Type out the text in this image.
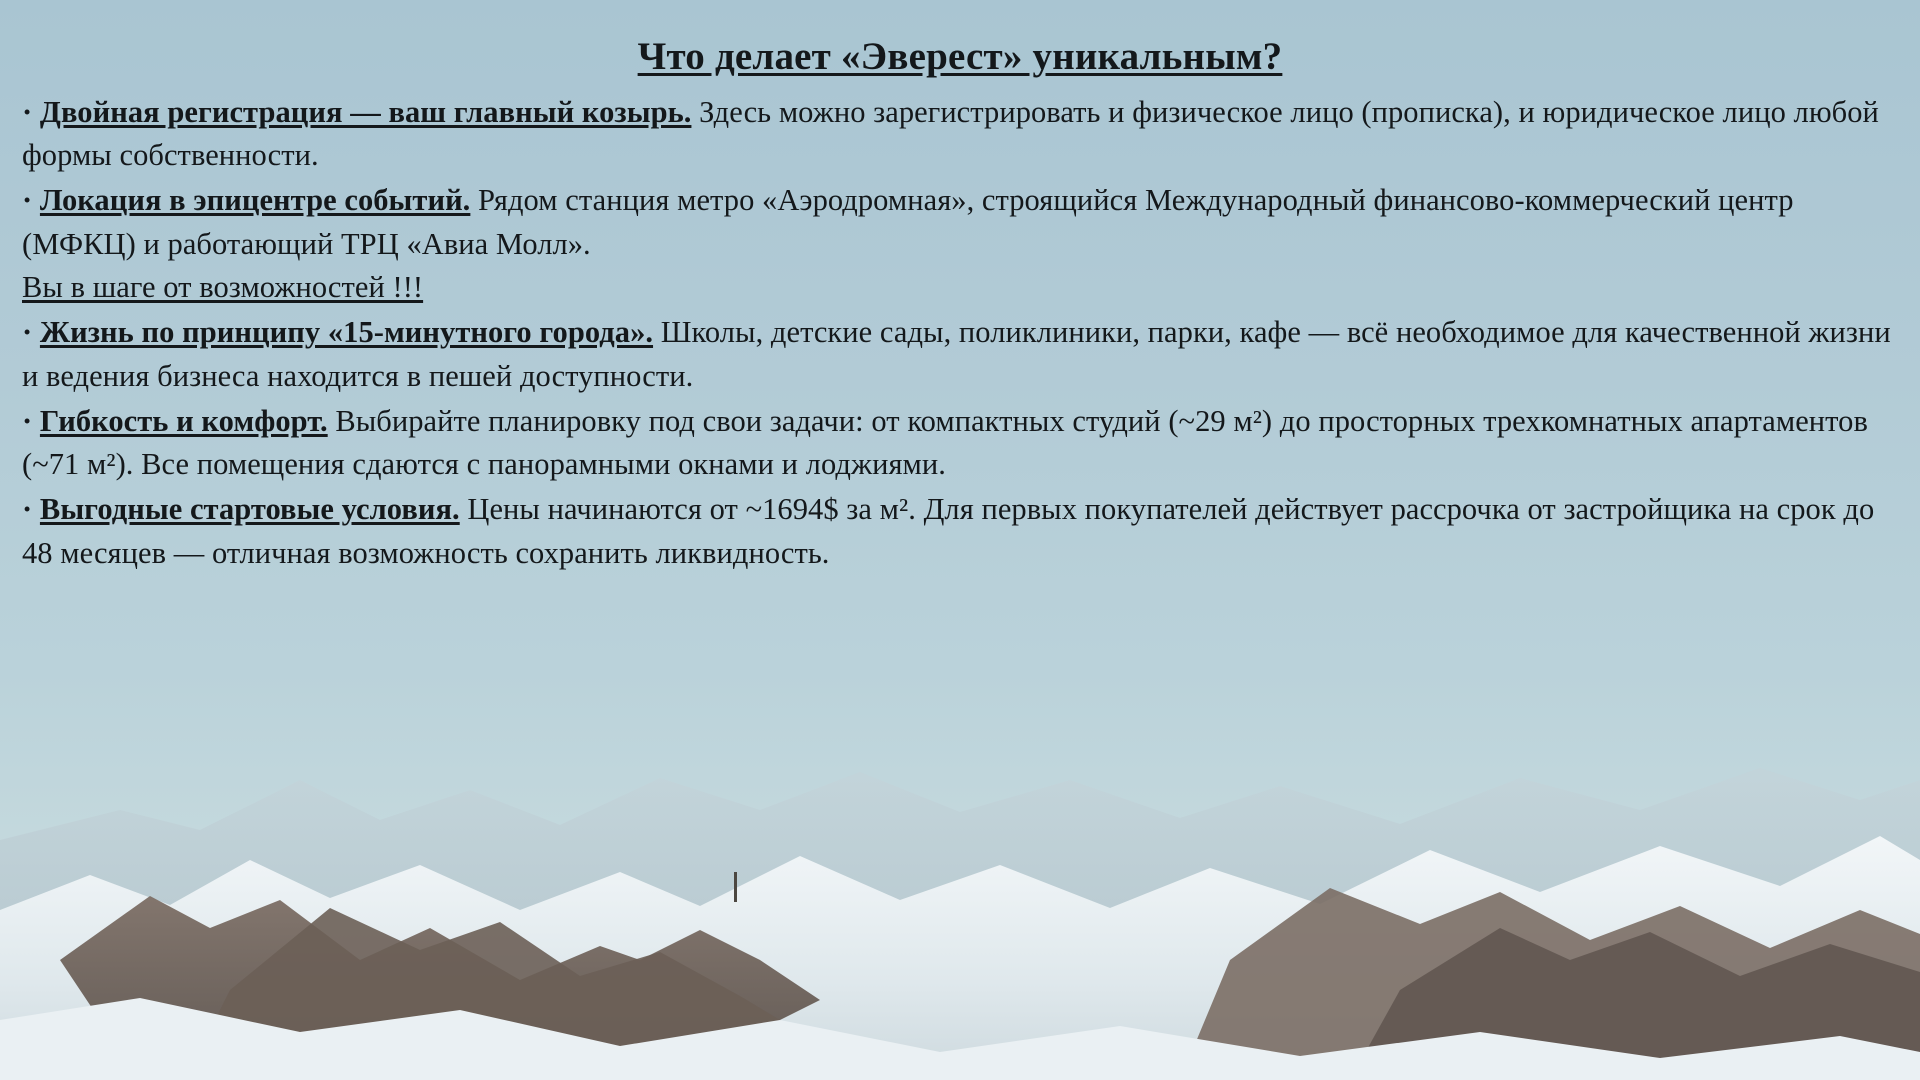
Что делает «Эверест» уникальным?
· Двойная регистрация — ваш главный козырь. Здесь можно зарегистрировать и физическое лицо (прописка), и юридическое лицо любой формы собственности.
· Локация в эпицентре событий. Рядом станция метро «Аэродромная», строящийся Международный финансово-коммерческий центр (МФКЦ) и работающий ТРЦ «Авиа Молл».
Вы в шаге от возможностей !!!
· Жизнь по принципу «15-минутного города». Школы, детские сады, поликлиники, парки, кафе — всё необходимое для качественной жизни и ведения бизнеса находится в пешей доступности.
· Гибкость и комфорт. Выбирайте планировку под свои задачи: от компактных студий (~29 м²) до просторных трехкомнатных апартаментов (~71 м²). Все помещения сдаются с панорамными окнами и лоджиями.
· Выгодные стартовые условия. Цены начинаются от ~1694$ за м². Для первых покупателей действует рассрочка от застройщика на срок до 48 месяцев — отличная возможность сохранить ликвидность.
